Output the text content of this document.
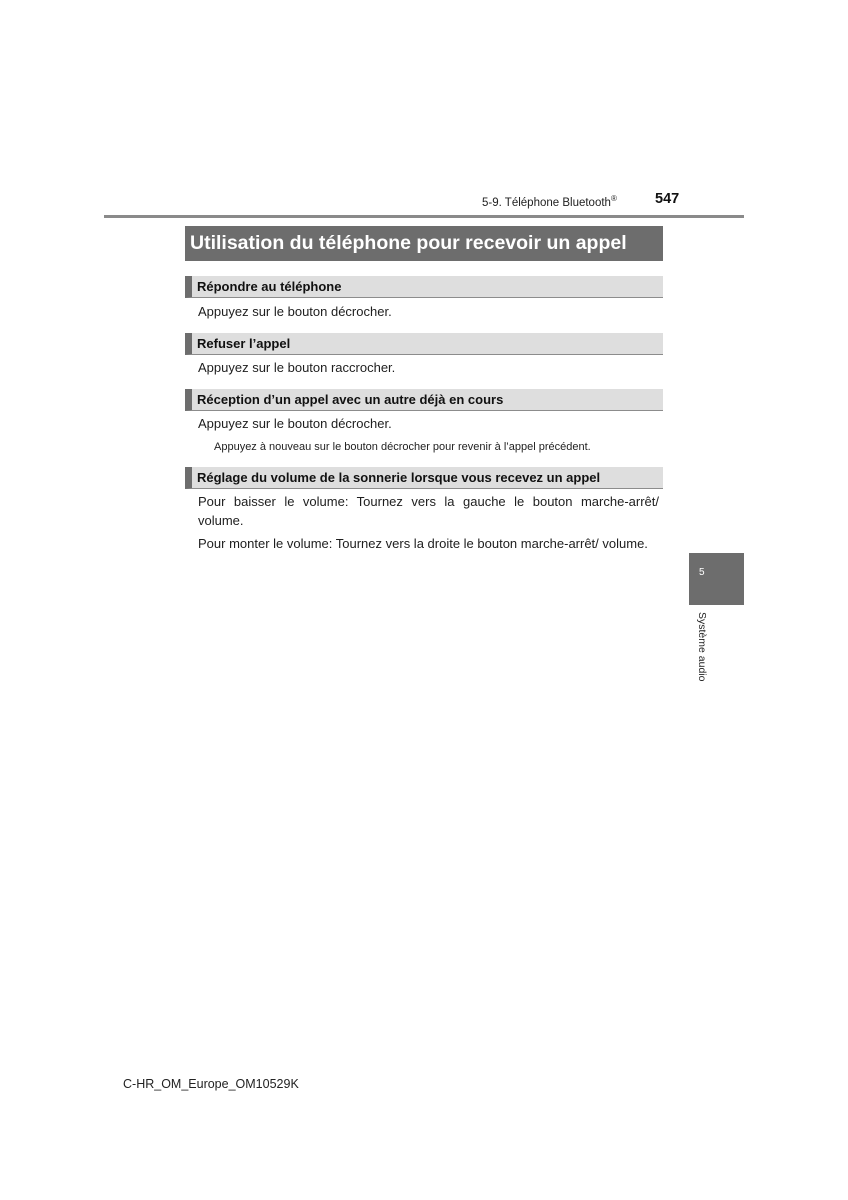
5-9. Téléphone Bluetooth®	547
Utilisation du téléphone pour recevoir un appel
Répondre au téléphone
Appuyez sur le bouton décrocher.
Refuser l’appel
Appuyez sur le bouton raccrocher.
Réception d’un appel avec un autre déjà en cours
Appuyez sur le bouton décrocher.
Appuyez à nouveau sur le bouton décrocher pour revenir à l’appel précédent.
Réglage du volume de la sonnerie lorsque vous recevez un appel
Pour baisser le volume: Tournez vers la gauche le bouton marche-arrêt/ volume.
Pour monter le volume: Tournez vers la droite le bouton marche-arrêt/ volume.
5
Système audio
C-HR_OM_Europe_OM10529K
